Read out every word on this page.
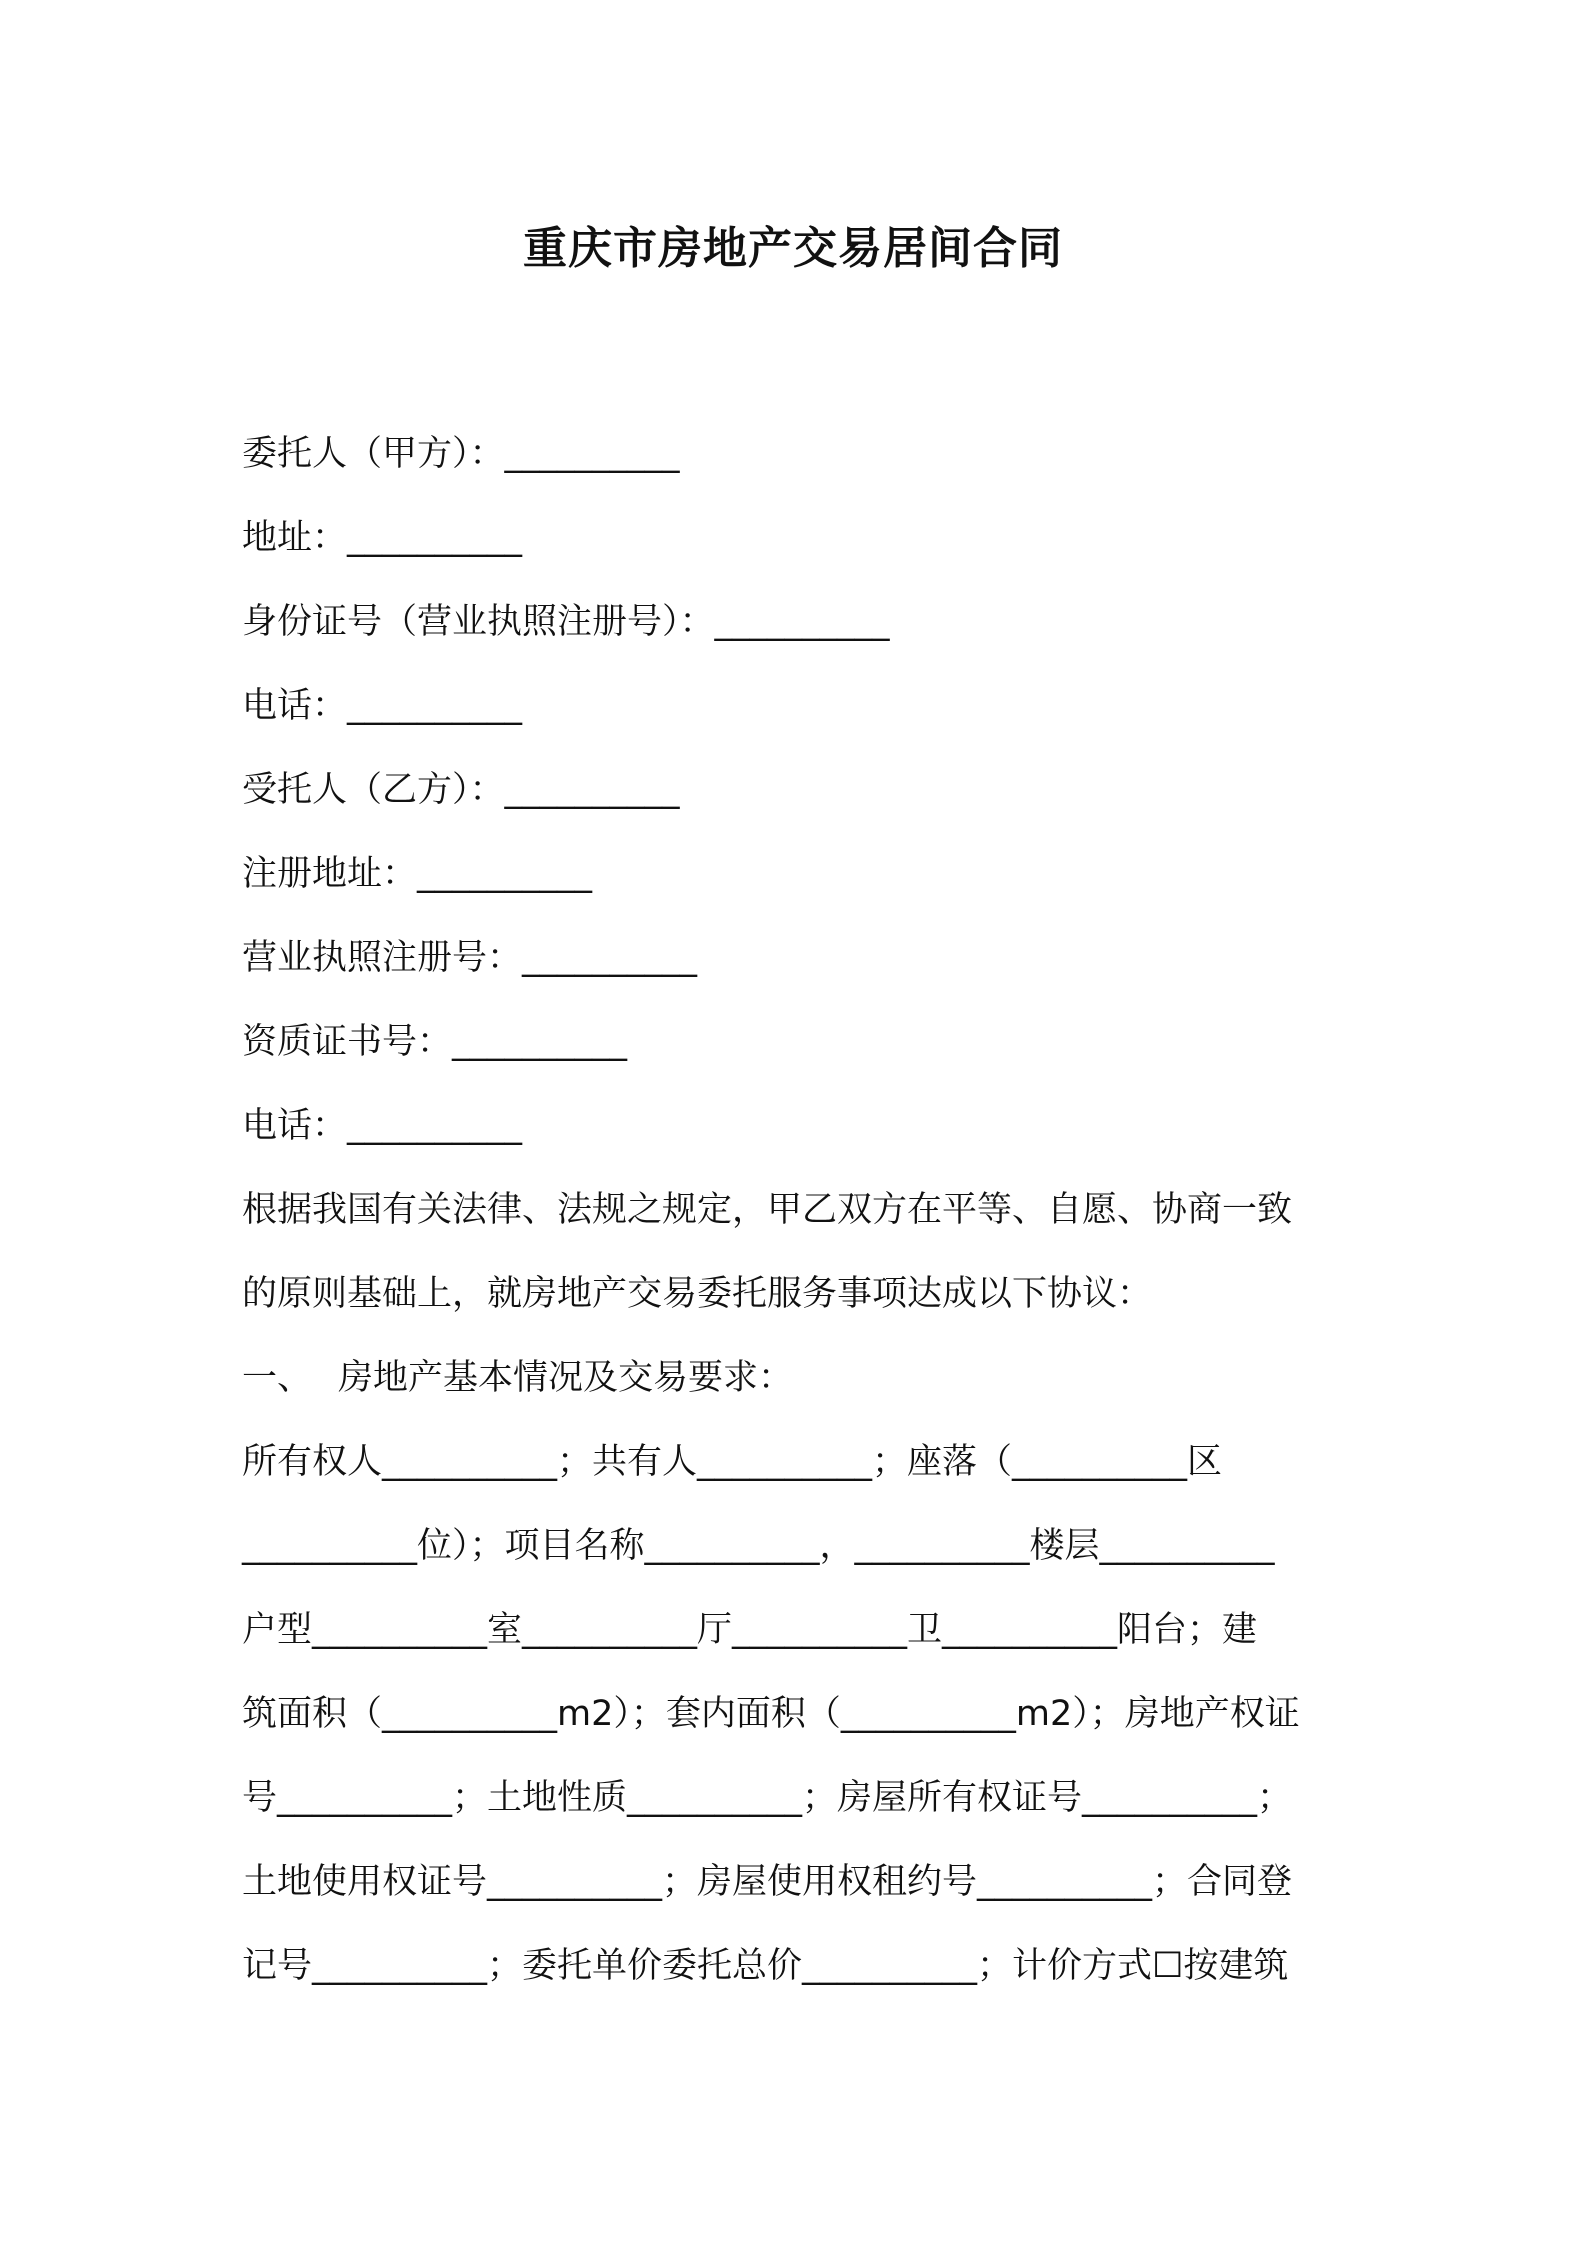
重庆市房地产交易居间合同
委托人（甲方）：__________
地址：__________
身份证号（营业执照注册号）：__________
电话：__________
受托人（乙方）：__________
注册地址：__________
营业执照注册号：__________
资质证书号：__________
电话：__________
根据我国有关法律、法规之规定，甲乙双方在平等、自愿、协商一致
的原则基础上，就房地产交易委托服务事项达成以下协议：
一、 房地产基本情况及交易要求：
所有权人__________；共有人__________；座落（__________区
__________位）；项目名称__________，__________楼层__________
户型__________室__________厅__________卫__________阳台；建
筑面积（__________m2）；套内面积（__________m2）；房地产权证
号__________；土地性质__________；房屋所有权证号__________；
土地使用权证号__________；房屋使用权租约号__________；合同登
记号__________；委托单价委托总价__________；计价方式☐按建筑
